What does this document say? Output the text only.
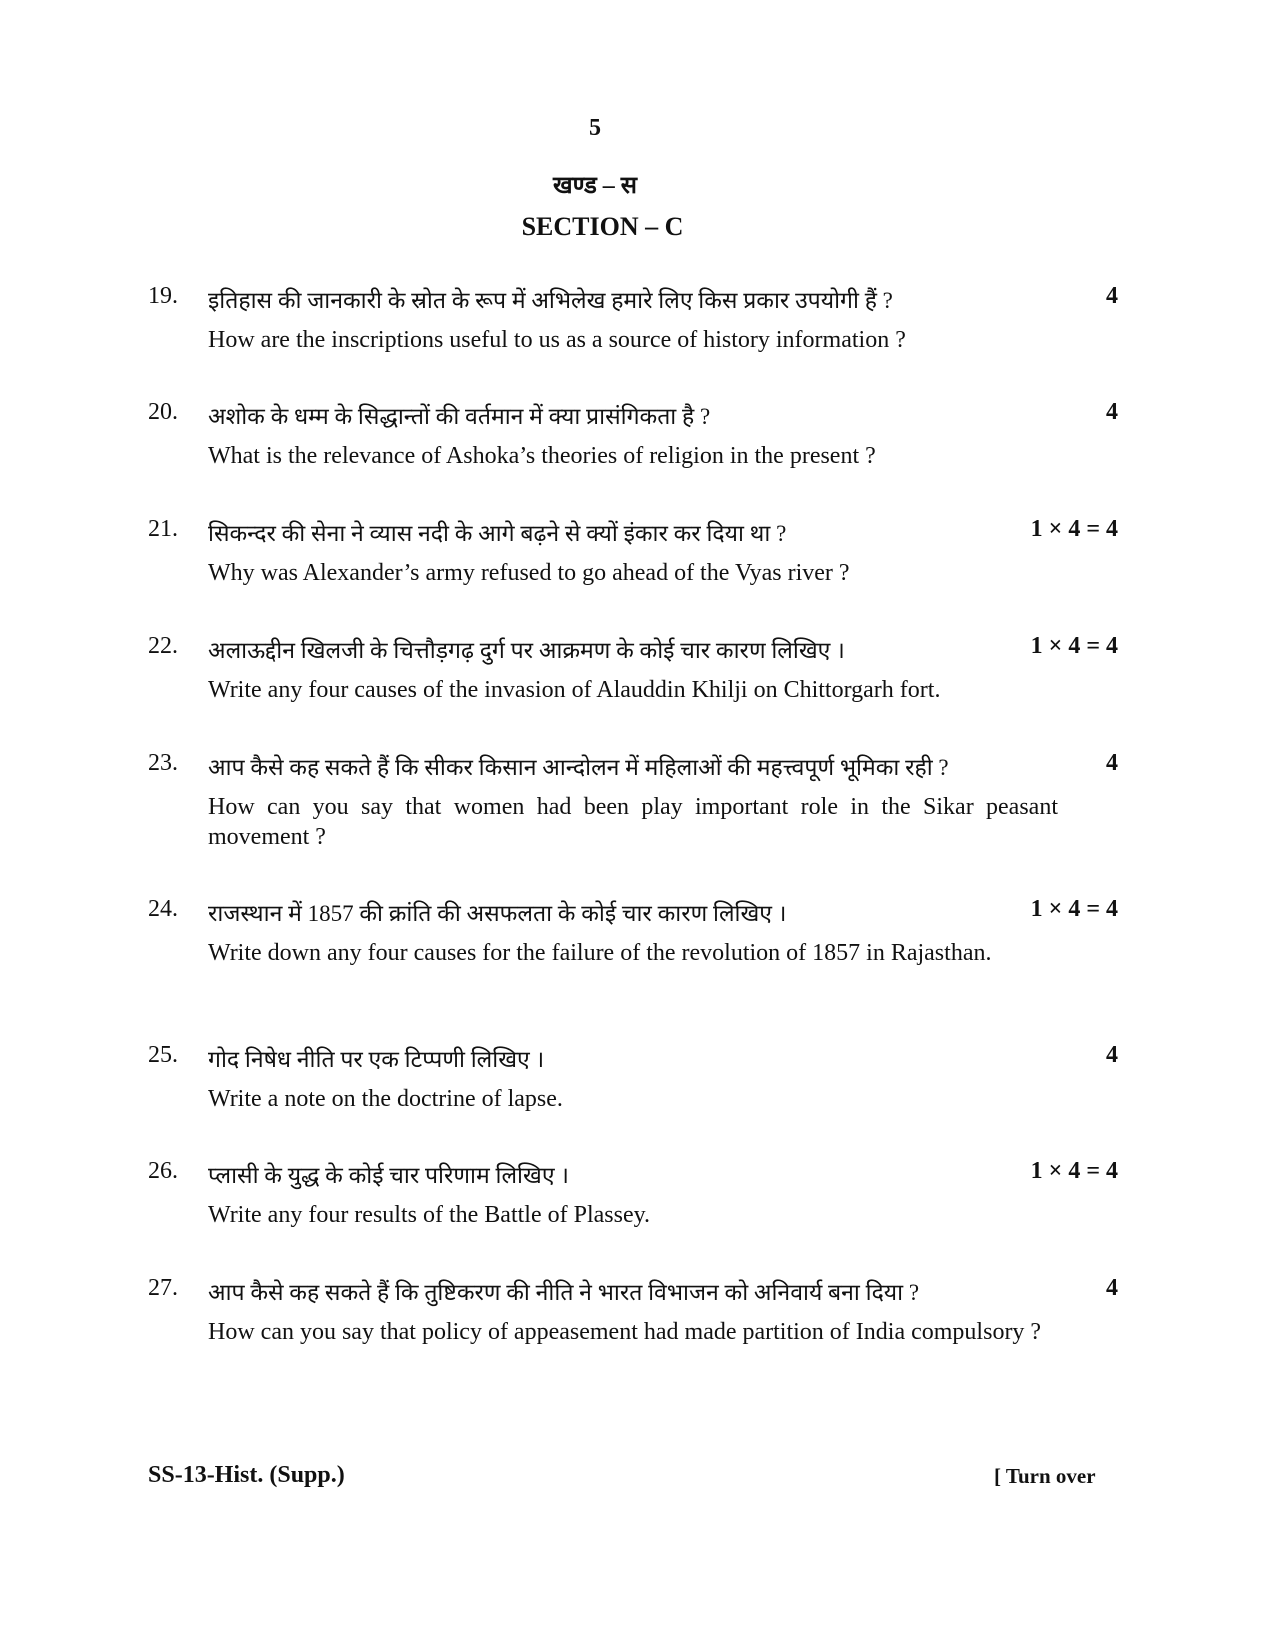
5
खण्ड – स
SECTION – C
19. इतिहास की जानकारी के स्रोत के रूप में अभिलेख हमारे लिए किस प्रकार उपयोगी हैं ?	4
How are the inscriptions useful to us as a source of history information ?
20. अशोक के धम्म के सिद्धान्तों की वर्तमान में क्या प्रासंगिकता है ?	4
What is the relevance of Ashoka’s theories of religion in the present ?
21. सिकन्दर की सेना ने व्यास नदी के आगे बढ़ने से क्यों इंकार कर दिया था ?	1 × 4 = 4
Why was Alexander’s army refused to go ahead of the Vyas river ?
22. अलाऊद्दीन खिलजी के चित्तौड़गढ़ दुर्ग पर आक्रमण के कोई चार कारण लिखिए ।	1 × 4 = 4
Write any four causes of the invasion of Alauddin Khilji on Chittorgarh fort.
23. आप कैसे कह सकते हैं कि सीकर किसान आन्दोलन में महिलाओं की महत्त्वपूर्ण भूमिका रही ?	4
How can you say that women had been play important role in the Sikar peasant movement ?
24. राजस्थान में 1857 की क्रांति की असफलता के कोई चार कारण लिखिए ।	1 × 4 = 4
Write down any four causes for the failure of the revolution of 1857 in Rajasthan.
25. गोद निषेध नीति पर एक टिप्पणी लिखिए ।	4
Write a note on the doctrine of lapse.
26. प्लासी के युद्ध के कोई चार परिणाम लिखिए ।	1 × 4 = 4
Write any four results of the Battle of Plassey.
27. आप कैसे कह सकते हैं कि तुष्टिकरण की नीति ने भारत विभाजन को अनिवार्य बना दिया ?	4
How can you say that policy of appeasement had made partition of India compulsory ?
SS-13-Hist. (Supp.)	[ Turn over
